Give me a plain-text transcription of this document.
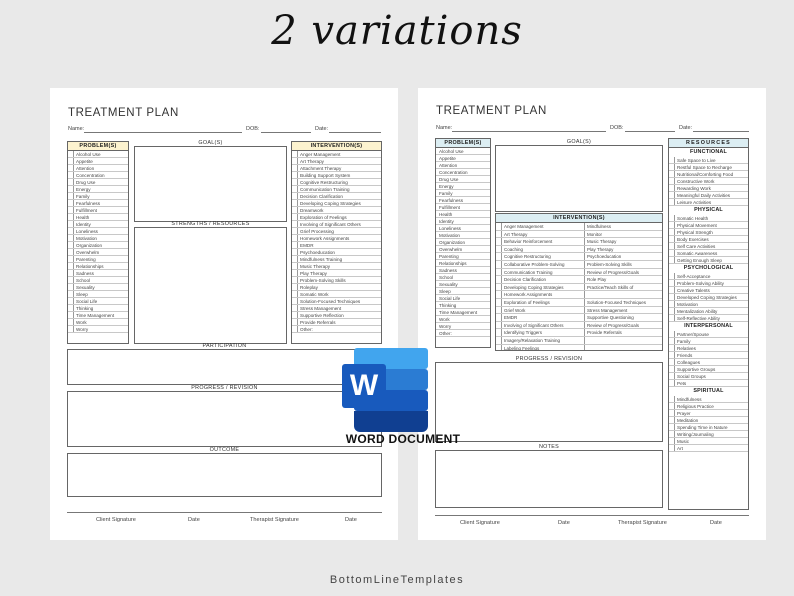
2 variations
TREATMENT PLAN
Name:	DOB:	Date:
PROBLEM(S)
Alcohol Use
Appetite
Attention
Concentration
Drug Use
Energy
Family
Fearfulness
Fulfillment
Health
Identity
Loneliness
Motivation
Organization
Overwhelm
Parenting
Relationships
Sadness
School
Sexuality
Sleep
Social Life
Thinking
Time Management
Work
Worry
GOAL(S)
STRENGTHS / RESOURCES
INTERVENTION(S)
Anger Management
Art Therapy
Attachment Therapy
Building Support System
Cognitive Restructuring
Communication Training
Decision Clarification
Developing Coping Strategies
Dreamwork
Exploration of Feelings
Involving of Significant Others
Grief Processing
Homework Assignments
EMDR
Psychoeducation
Mindfulness Training
Music Therapy
Play Therapy
Problem-Solving Skills
Roleplay
Somatic Work
Solution-Focused Techniques
Stress Management
Supportive Reflection
Provide Referrals
Other:
PARTICIPATION
PROGRESS / REVISION
OUTCOME
Client Signature	Date	Therapist Signature	Date
TREATMENT PLAN
Name:	DOB:	Date:
PROBLEM(S)
Alcohol Use
Appetite
Attention
Concentration
Drug Use
Energy
Family
Fearfulness
Fulfillment
Health
Identity
Loneliness
Motivation
Organization
Overwhelm
Parenting
Relationships
Sadness
School
Sexuality
Sleep
Social Life
Thinking
Time Management
Work
Worry
Other:
GOAL(S)
INTERVENTION(S)
Anger Management	Mindfulness
Art Therapy	Monitor
Behavior Reinforcement	Music Therapy
Coaching	Play Therapy
Cognitive Restructuring	Psychoeducation
Collaborative Problem-Solving	Problem-Solving Skills
Communication Training	Review of Progress/Goals
Decision Clarification	Role Play
Developing Coping Strategies	Practice/Teach Skills of
Homework Assignments
Exploration of Feelings	Solution-Focused Techniques
Grief Work	Stress Management
EMDR	Supportive Questioning
Involving of Significant Others	Review of Progress/Goals
Identifying Triggers	Provide Referrals
Imagery/Relaxation Training
Labeling Feelings
PROGRESS / REVISION
NOTES
RESOURCES
FUNCTIONAL
Safe Space to Live
Restful Space to Recharge
Nutritional/Comforting Food
Constructive Work
Rewarding Work
Meaningful Daily Activities
Leisure Activities
PHYSICAL
Somatic Health
Physical Movement
Physical Strength
Body Exercises
Self Care Activities
Somatic Awareness
Getting Enough Sleep
PSYCHOLOGICAL
Self-Acceptance
Problem-Solving Ability
Creative Talents
Developed Coping Strategies
Motivation
Mentalization Ability
Self-Reflective Ability
INTERPERSONAL
Partner/Spouse
Family
Relatives
Friends
Colleagues
Supportive Groups
Social Groups
Pets
SPIRITUAL
Mindfulness
Religious Practice
Prayer
Meditation
Spending Time in Nature
Writing/Journaling
Music
Art
Client Signature	Date	Therapist Signature	Date
W
WORD DOCUMENT
BottomLineTemplates
